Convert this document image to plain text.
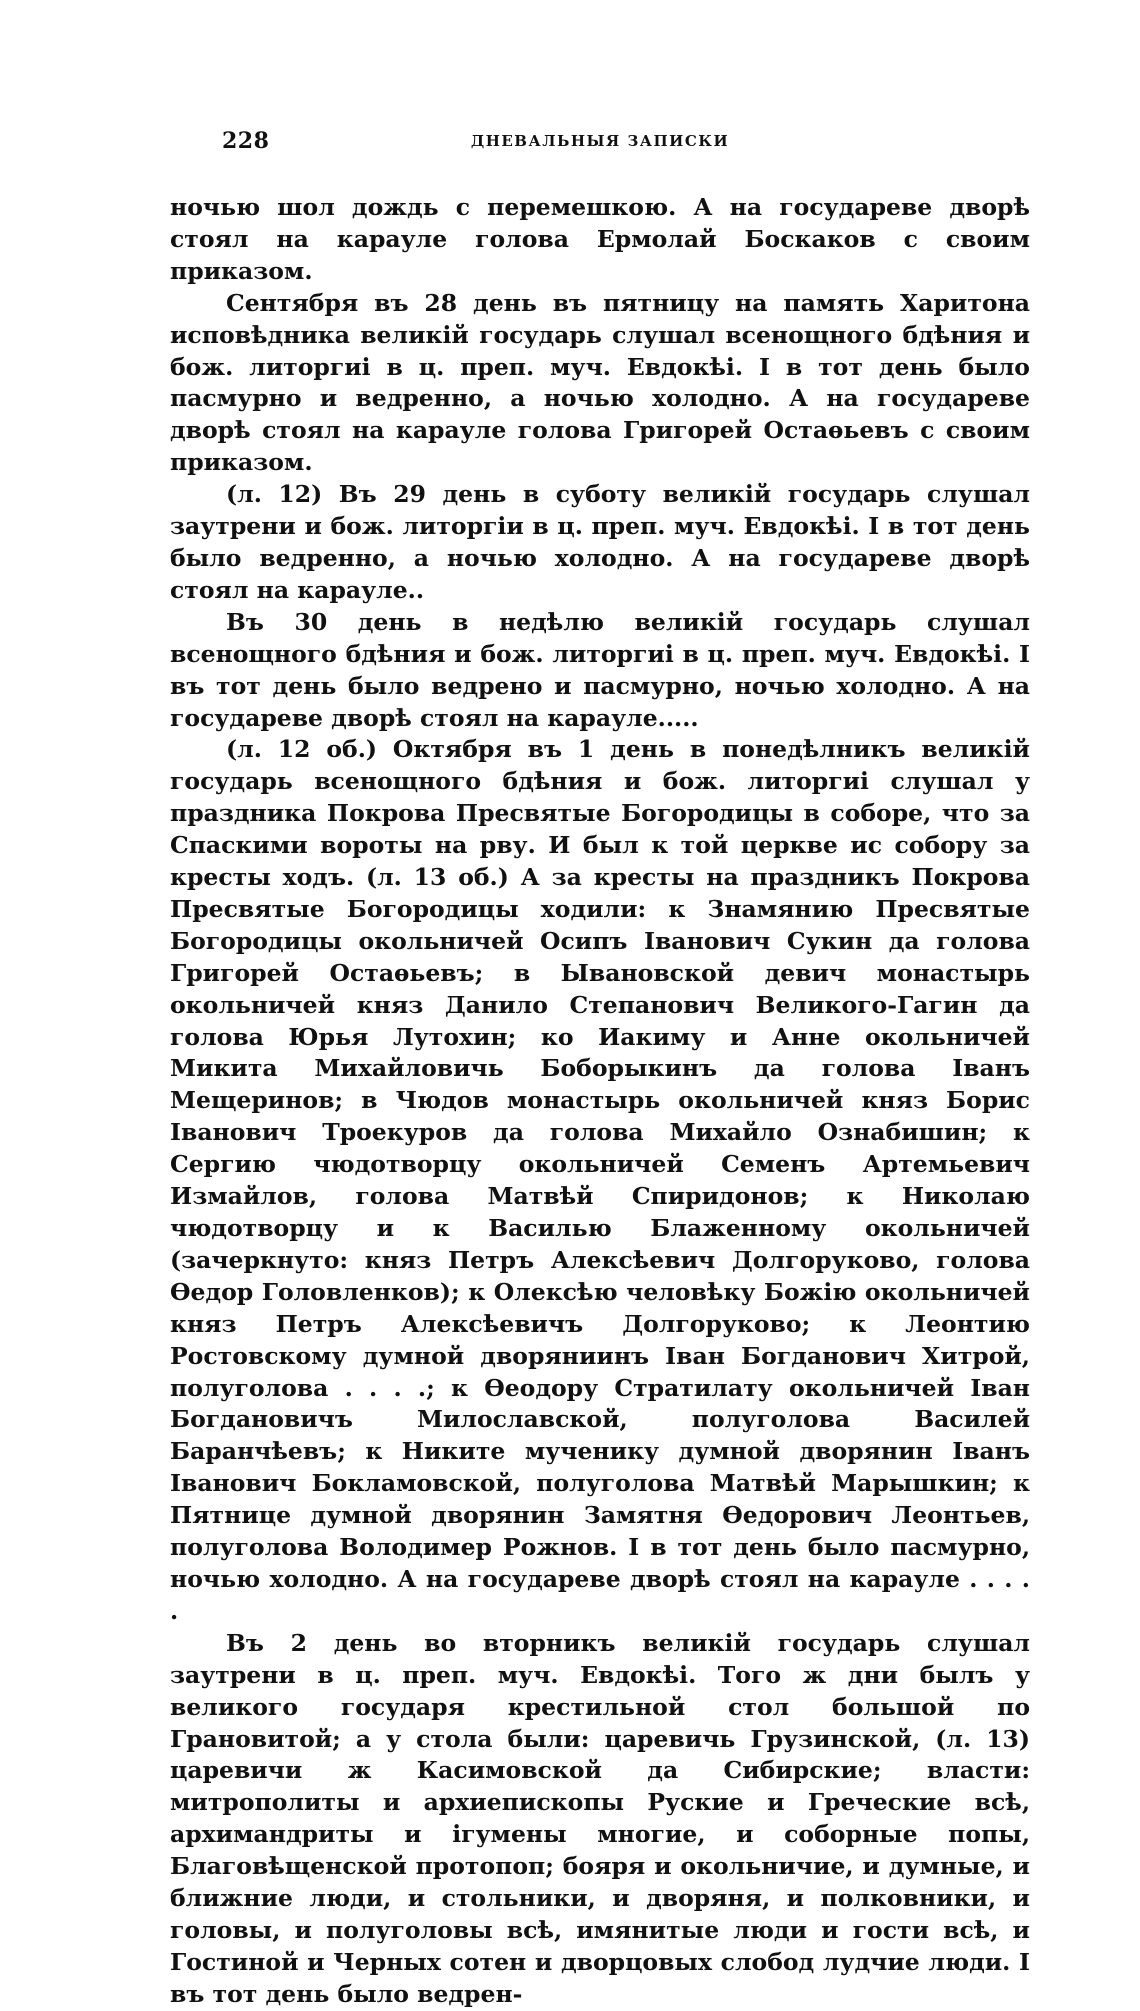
228	ДНЕВАЛЬНЫЯ ЗАПИСКИ

ночью шол дождь с перемешкою. А на государеве дворѣ стоял на карауле голова Ермолай Боскаков с своим приказом.

Сентября въ 28 день въ пятницу на память Харитона исповѣдника великій государь слушал всенощного бдѣния и бож. литоргиі в ц. преп. муч. Евдокѣі. І в тот день было пасмурно и ведренно, а ночью холодно. А на государеве дворѣ стоял на карауле голова Григорей Остаѳьевъ с своим приказом.

(л. 12) Въ 29 день в суботу великій государь слушал заутрени и бож. литоргіи в ц. преп. муч. Евдокѣі. І в тот день было ведренно, а ночью холодно. А на государеве дворѣ стоял на карауле..

Въ 30 день в недѣлю великій государь слушал всенощного бдѣния и бож. литоргиі в ц. преп. муч. Евдокѣі. І въ тот день было ведрено и пасмурно, ночью холодно. А на государеве дворѣ стоял на карауле.....

(л. 12 об.) Октября въ 1 день в понедѣлникъ великій государь всенощного бдѣния и бож. литоргиі слушал у праздника Покрова Пресвятые Богородицы в соборе, что за Спаскими вороты на рву. И был к той церкве ис собору за кресты ходъ. (л. 13 об.) А за кресты на праздникъ Покрова Пресвятые Богородицы ходили: к Знамянию Пресвятые Богородицы окольничей Осипъ Іванович Сукин да голова Григорей Остаѳьевъ; в Ывановской девич монастырь окольничей княз Данило Степанович Великого-Гагин да голова Юрья Лутохин; ко Иакиму и Анне окольничей Микита Михайловичь Боборыкинъ да голова Іванъ Мещеринов; в Чюдов монастырь окольничей княз Борис Іванович Троекуров да голова Михайло Ознабишин; к Сергию чюдотворцу окольничей Семенъ Артемьевич Измайлов, голова Матвѣй Спиридонов; к Николаю чюдотворцу и к Василью Блаженному окольничей (зачеркнуто: княз Петръ Алексѣевич Долгоруково, голова Ѳедор Головленков); к Олексѣю человѣку Божію окольничей княз Петръ Алексѣевичъ Долгоруково; к Леонтию Ростовскому думной дворяниинъ Іван Богданович Хитрой, полуголова . . . .; к Ѳеодору Стратилату окольничей Іван Богдановичъ Милославской, полуголова Василей Баранчѣевъ; к Никите мученику думной дворянин Іванъ Іванович Бокламовской, полуголова Матвѣй Марышкин; к Пятнице думной дворянин Замятня Ѳедорович Леонтьев, полуголова Володимер Рожнов. І в тот день было пасмурно, ночью холодно. А на государеве дворѣ стоял на карауле . . . . .

Въ 2 день во вторникъ великій государь слушал заутрени в ц. преп. муч. Евдокѣі. Того ж дни былъ у великого государя крестильной стол большой по Грановитой; а у стола были: царевичь Грузинской, (л. 13) царевичи ж Касимовской да Сибирские; власти: митрополиты и архиепископы Руские и Греческие всѣ, архимандриты и ігумены многие, и соборные попы, Благовѣщенской протопоп; бояря и окольничие, и думные, и ближние люди, и стольники, и дворяня, и полковники, и головы, и полуголовы всѣ, имянитые люди и гости всѣ, и Гостиной и Черных сотен и дворцовых слобод лудчие люди. І въ тот день было ведрен-
